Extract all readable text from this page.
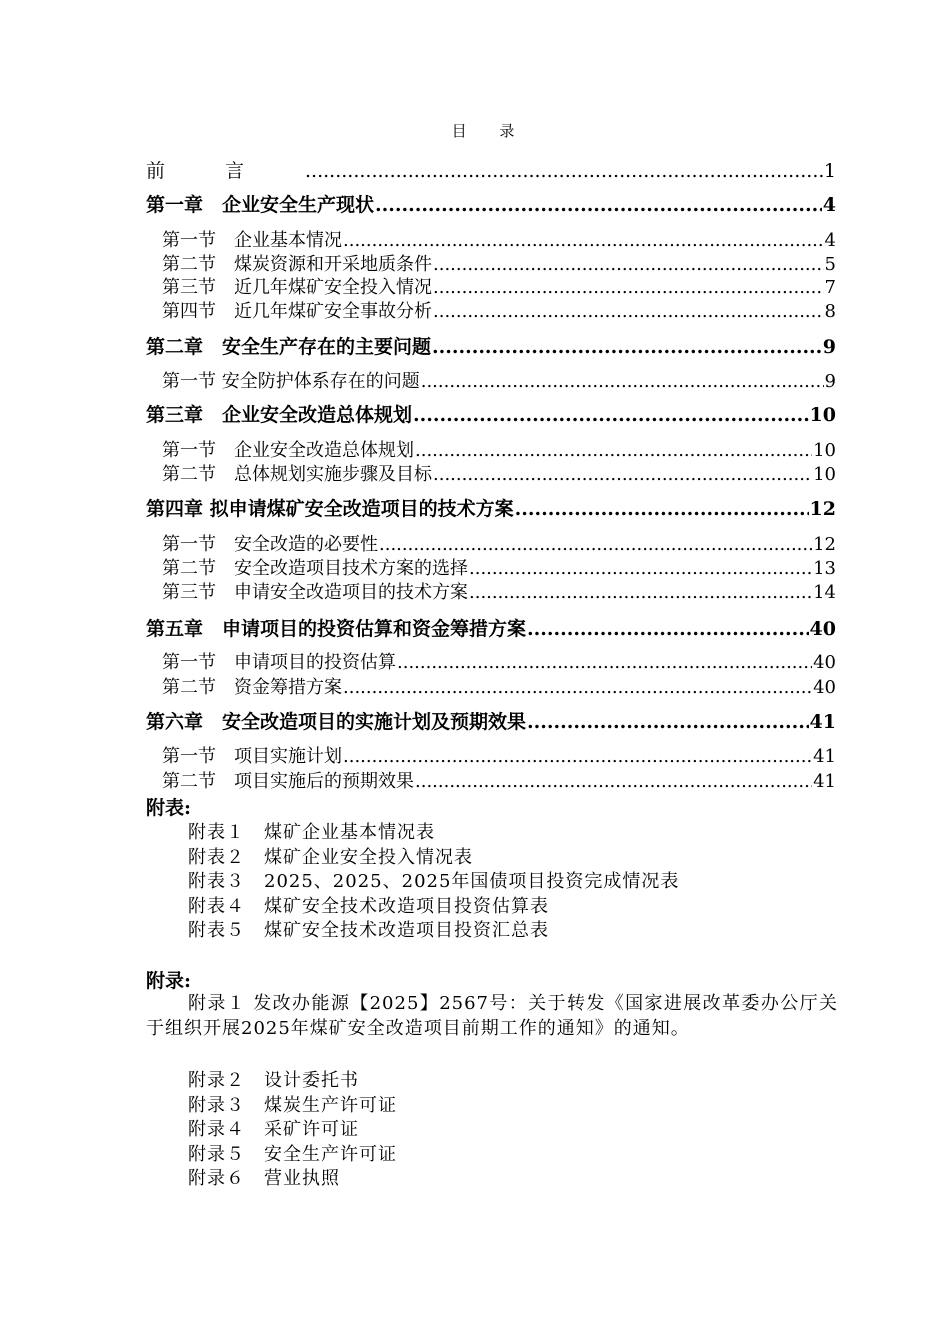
目 录
前言 .....	1
第一章　企业安全生产现状 .....	4
第一节　企业基本情况 .....	4
第二节　煤炭资源和开采地质条件 .....	5
第三节　近几年煤矿安全投入情况 .....	7
第四节　近几年煤矿安全事故分析 .....	8
第二章　安全生产存在的主要问题 .....	9
第一节 安全防护体系存在的问题 .....	9
第三章　企业安全改造总体规划 .....	10
第一节　企业安全改造总体规划 .....	10
第二节　总体规划实施步骤及目标 .....	10
第四章 拟申请煤矿安全改造项目的技术方案 .....	12
第一节　安全改造的必要性 .....	12
第二节　安全改造项目技术方案的选择 .....	13
第三节　申请安全改造项目的技术方案 .....	14
第五章　申请项目的投资估算和资金筹措方案 .....	40
第一节　申请项目的投资估算 .....	40
第二节　资金筹措方案 .....	40
第六章　安全改造项目的实施计划及预期效果 .....	41
第一节　项目实施计划 .....	41
第二节　项目实施后的预期效果 .....	41
附表:
附表１　煤矿企业基本情况表
附表２　煤矿企业安全投入情况表
附表３　2025、2025、2025年国债项目投资完成情况表
附表４　煤矿安全技术改造项目投资估算表
附表５　煤矿安全技术改造项目投资汇总表
附录:

附录１ 发改办能源【2025】2567号：关于转发《国家进展改革委办公厅关于组织开展2025年煤矿安全改造项目前期工作的通知》的通知。

附录２　设计委托书
附录３　煤炭生产许可证
附录４　采矿许可证
附录５　安全生产许可证
附录６　营业执照
